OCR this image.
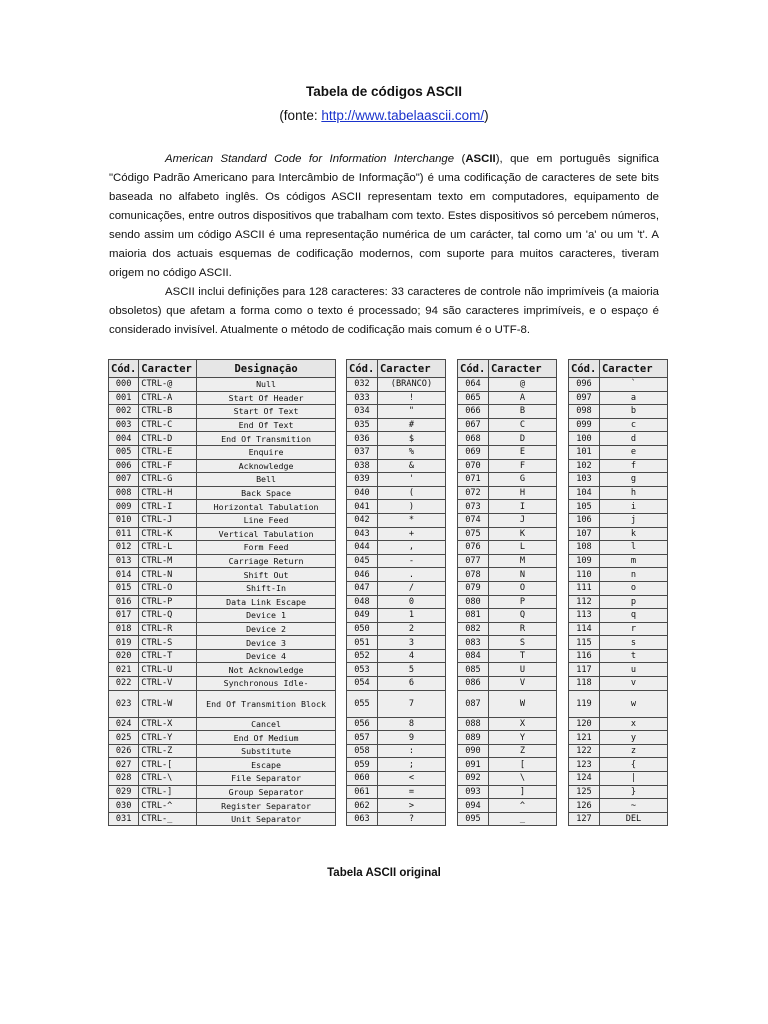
Tabela de códigos ASCII
(fonte: http://www.tabelaascii.com/)
American Standard Code for Information Interchange (ASCII), que em português significa "Código Padrão Americano para Intercâmbio de Informação") é uma codificação de caracteres de sete bits baseada no alfabeto inglês. Os códigos ASCII representam texto em computadores, equipamento de comunicações, entre outros dispositivos que trabalham com texto. Estes dispositivos só percebem números, sendo assim um código ASCII é uma representação numérica de um carácter, tal como um 'a' ou um 't'. A maioria dos actuais esquemas de codificação modernos, com suporte para muitos caracteres, tiveram origem no código ASCII.
ASCII inclui definições para 128 caracteres: 33 caracteres de controle não imprimíveis (a maioria obsoletos) que afetam a forma como o texto é processado; 94 são caracteres imprimíveis, e o espaço é considerado invisível. Atualmente o método de codificação mais comum é o UTF-8.
Cód.	Caracter	Designação
000	CTRL-@	Null
001	CTRL-A	Start Of Header
002	CTRL-B	Start Of Text
003	CTRL-C	End Of Text
004	CTRL-D	End Of Transmition
005	CTRL-E	Enquire
006	CTRL-F	Acknowledge
007	CTRL-G	Bell
008	CTRL-H	Back Space
009	CTRL-I	Horizontal Tabulation
010	CTRL-J	Line Feed
011	CTRL-K	Vertical Tabulation
012	CTRL-L	Form Feed
013	CTRL-M	Carriage Return
014	CTRL-N	Shift Out
015	CTRL-O	Shift-In
016	CTRL-P	Data Link Escape
017	CTRL-Q	Device 1
018	CTRL-R	Device 2
019	CTRL-S	Device 3
020	CTRL-T	Device 4
021	CTRL-U	Not Acknowledge
022	CTRL-V	Synchronous Idle-
023	CTRL-W	End Of Transmition Block
024	CTRL-X	Cancel
025	CTRL-Y	End Of Medium
026	CTRL-Z	Substitute
027	CTRL-[	Escape
028	CTRL-\	File Separator
029	CTRL-]	Group Separator
030	CTRL-^	Register Separator
031	CTRL-_	Unit Separator
Cód.	Caracter
032	(BRANCO)
033	!
034	"
035	#
036	$
037	%
038	&
039	'
040	(
041	)
042	*
043	+
044	,
045	-
046	.
047	/
048	0
049	1
050	2
051	3
052	4
053	5
054	6
055	7
056	8
057	9
058	:
059	;
060	<
061	=
062	>
063	?
Cód.	Caracter
064	@
065	A
066	B
067	C
068	D
069	E
070	F
071	G
072	H
073	I
074	J
075	K
076	L
077	M
078	N
079	O
080	P
081	Q
082	R
083	S
084	T
085	U
086	V
087	W
088	X
089	Y
090	Z
091	[
092	\
093	]
094	^
095	_
Cód.	Caracter
096	`
097	a
098	b
099	c
100	d
101	e
102	f
103	g
104	h
105	i
106	j
107	k
108	l
109	m
110	n
111	o
112	p
113	q
114	r
115	s
116	t
117	u
118	v
119	w
120	x
121	y
122	z
123	{
124	|
125	}
126	~
127	DEL
Tabela ASCII original
